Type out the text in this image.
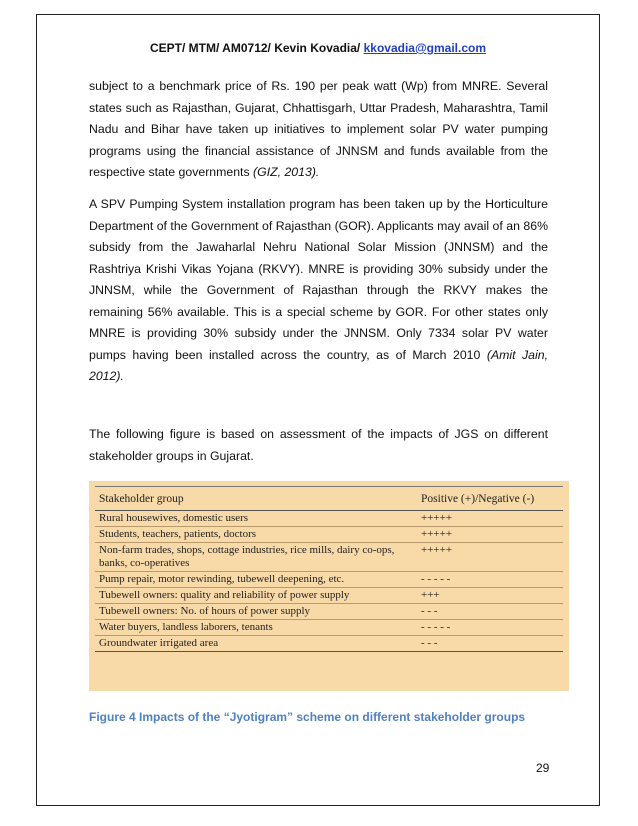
CEPT/ MTM/ AM0712/ Kevin Kovadia/ kkovadia@gmail.com

subject to a benchmark price of Rs. 190 per peak watt (Wp) from MNRE. Several states such as Rajasthan, Gujarat, Chhattisgarh, Uttar Pradesh, Maharashtra, Tamil Nadu and Bihar have taken up initiatives to implement solar PV water pumping programs using the financial assistance of JNNSM and funds available from the respective state governments (GIZ, 2013).

A SPV Pumping System installation program has been taken up by the Horticulture Department of the Government of Rajasthan (GOR). Applicants may avail of an 86% subsidy from the Jawaharlal Nehru National Solar Mission (JNNSM) and the Rashtriya Krishi Vikas Yojana (RKVY). MNRE is providing 30% subsidy under the JNNSM, while the Government of Rajasthan through the RKVY makes the remaining 56% available. This is a special scheme by GOR. For other states only MNRE is providing 30% subsidy under the JNNSM. Only 7334 solar PV water pumps having been installed across the country, as of March 2010 (Amit Jain, 2012).

The following figure is based on assessment of the impacts of JGS on different stakeholder groups in Gujarat.

Stakeholder group	Positive (+)/Negative (-)
Rural housewives, domestic users	+++++
Students, teachers, patients, doctors	+++++
Non-farm trades, shops, cottage industries, rice mills, dairy co-ops, banks, co-operatives	+++++
Pump repair, motor rewinding, tubewell deepening, etc.	- - - - -
Tubewell owners: quality and reliability of power supply	+++
Tubewell owners: No. of hours of power supply	- - -
Water buyers, landless laborers, tenants	- - - - -
Groundwater irrigated area	- - -
Figure 4 Impacts of the “Jyotigram” scheme on different stakeholder groups
29
